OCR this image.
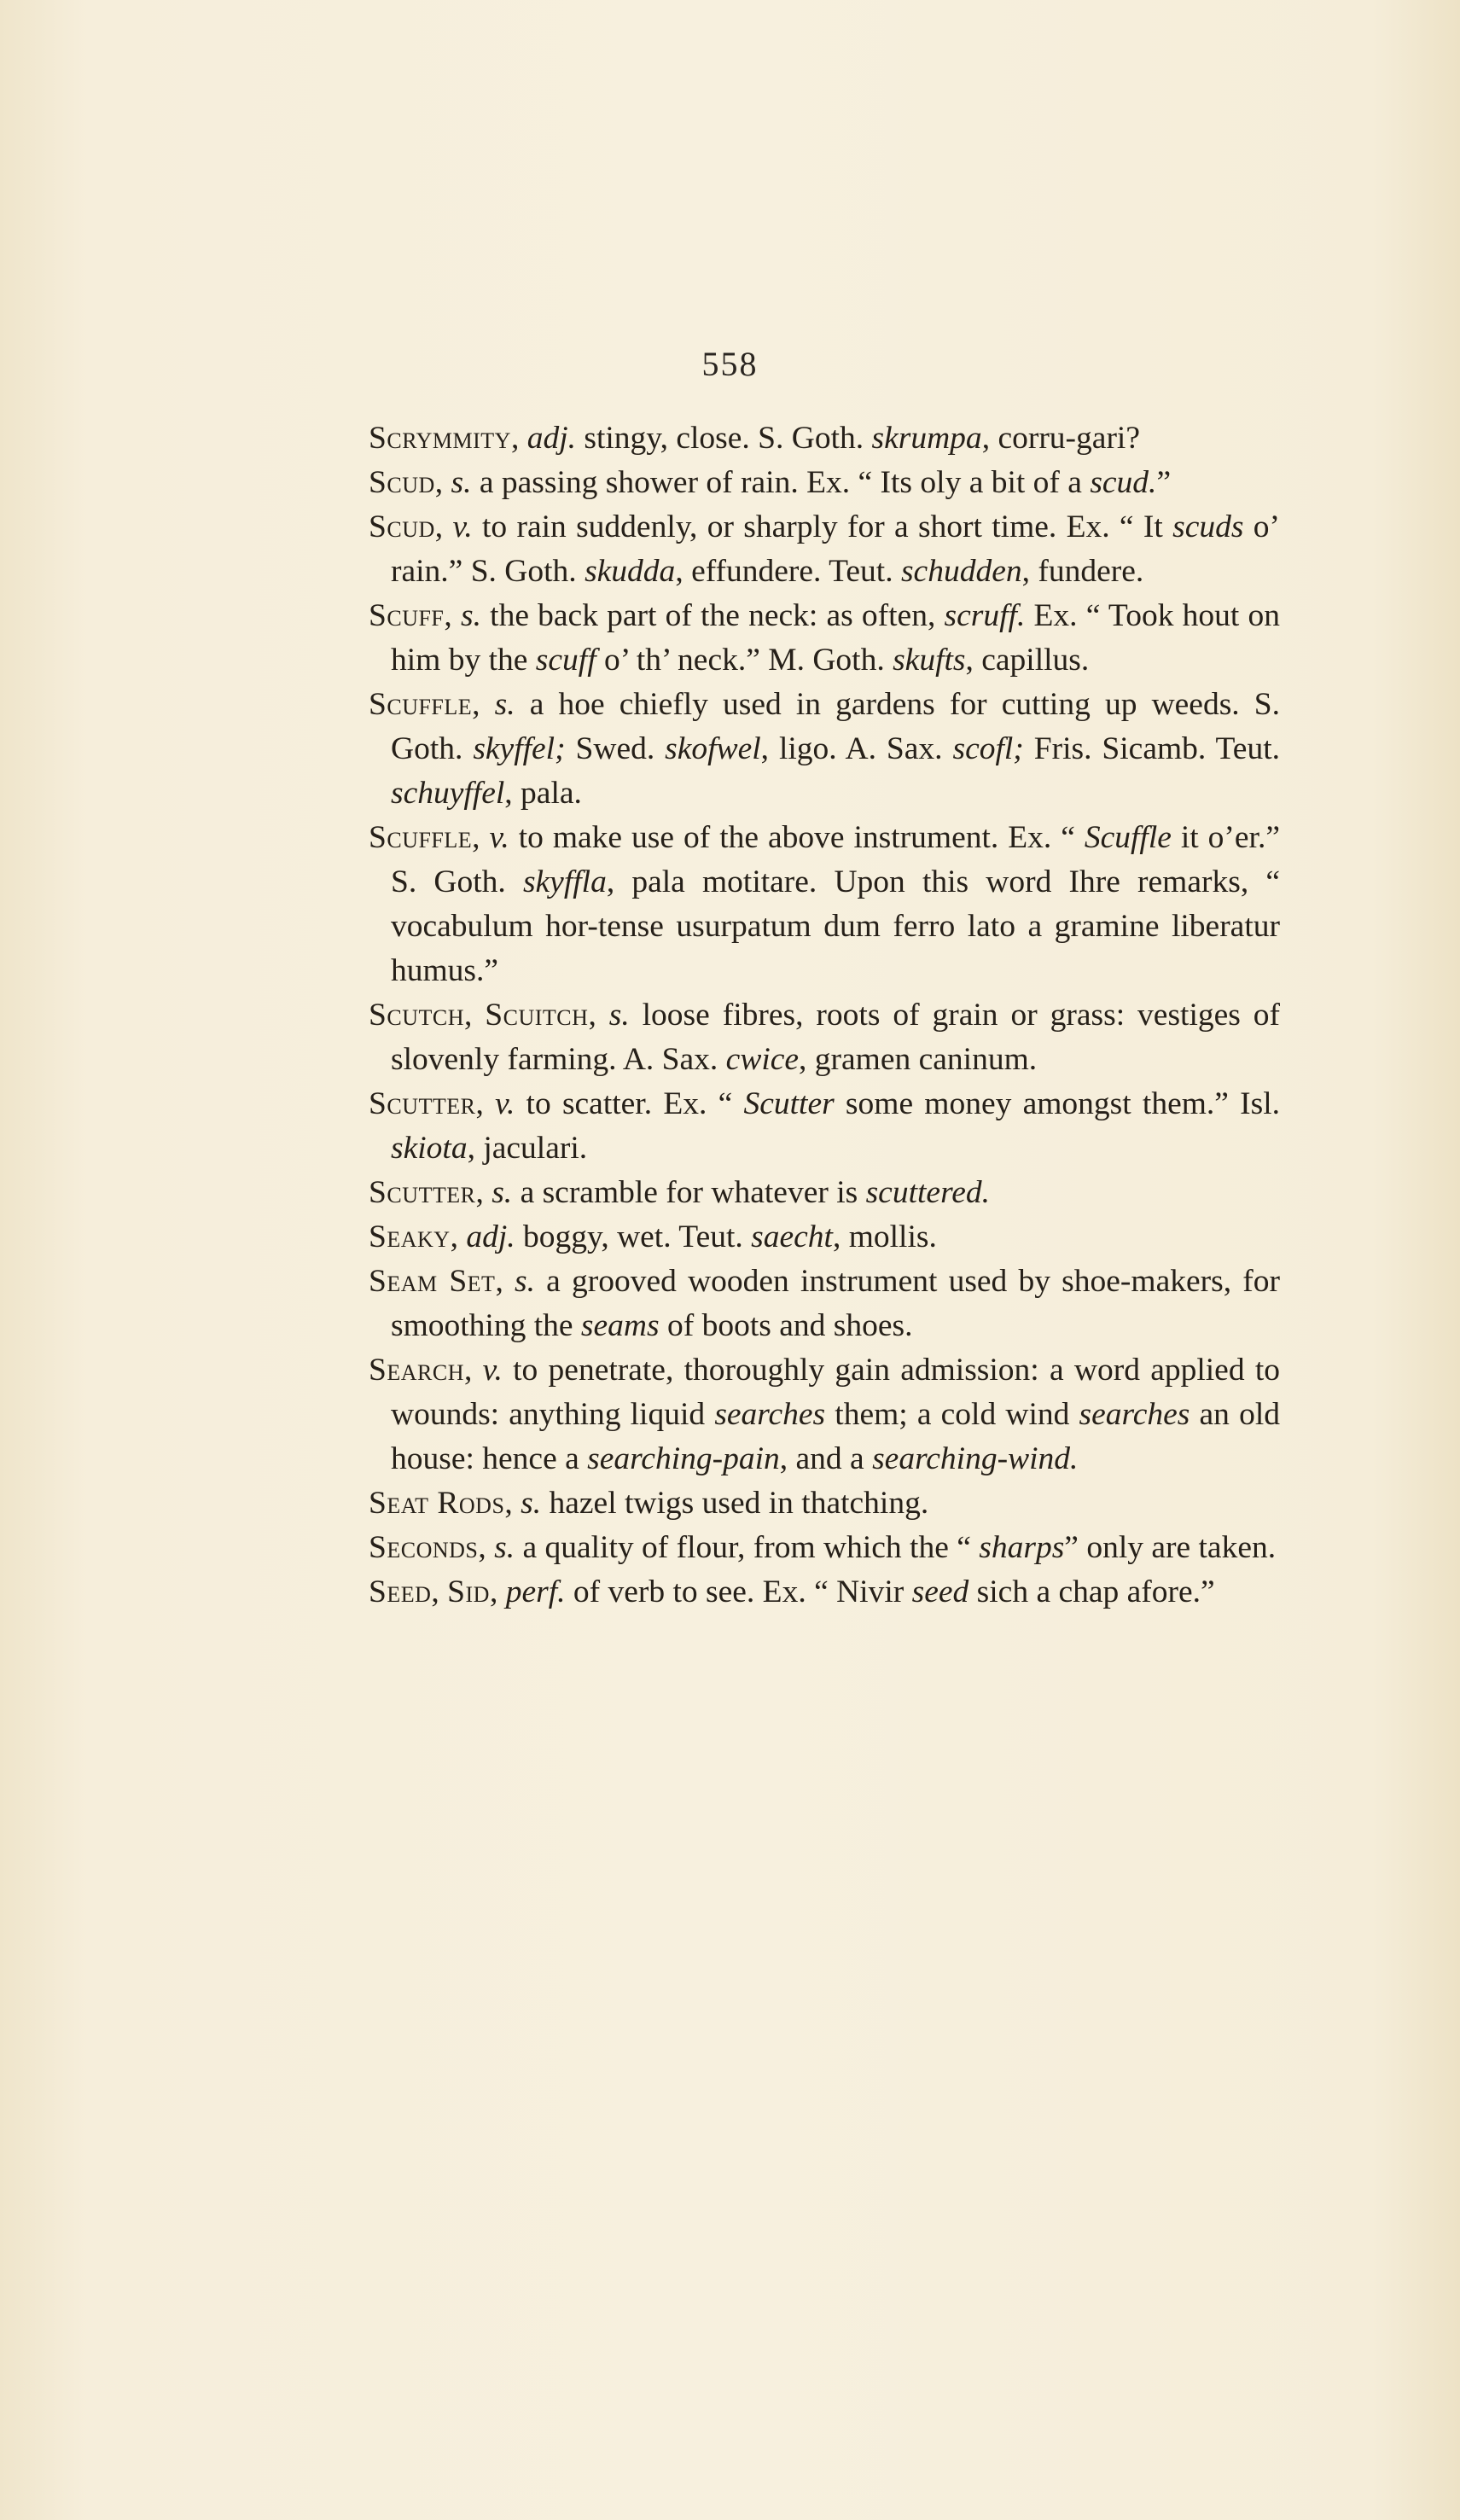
558

Scrymmity, adj. stingy, close. S. Goth. skrumpa, corru-gari?

Scud, s. a passing shower of rain. Ex. “ Its oly a bit of a scud.”

Scud, v. to rain suddenly, or sharply for a short time. Ex. “ It scuds o’ rain.” S. Goth. skudda, effundere. Teut. schudden, fundere.

Scuff, s. the back part of the neck: as often, scruff. Ex. “ Took hout on him by the scuff o’ th’ neck.” M. Goth. skufts, capillus.

Scuffle, s. a hoe chiefly used in gardens for cutting up weeds. S. Goth. skyffel; Swed. skofwel, ligo. A. Sax. scofl; Fris. Sicamb. Teut. schuyffel, pala.

Scuffle, v. to make use of the above instrument. Ex. “ Scuffle it o’er.” S. Goth. skyffla, pala motitare. Upon this word Ihre remarks, “ vocabulum hor-tense usurpatum dum ferro lato a gramine liberatur humus.”

Scutch, Scuitch, s. loose fibres, roots of grain or grass: vestiges of slovenly farming. A. Sax. cwice, gramen caninum.

Scutter, v. to scatter. Ex. “ Scutter some money amongst them.” Isl. skiota, jaculari.

Scutter, s. a scramble for whatever is scuttered.

Seaky, adj. boggy, wet. Teut. saecht, mollis.

Seam Set, s. a grooved wooden instrument used by shoe-makers, for smoothing the seams of boots and shoes.

Search, v. to penetrate, thoroughly gain admission: a word applied to wounds: anything liquid searches them; a cold wind searches an old house: hence a searching-pain, and a searching-wind.

Seat Rods, s. hazel twigs used in thatching.

Seconds, s. a quality of flour, from which the “ sharps” only are taken.

Seed, Sid, perf. of verb to see. Ex. “ Nivir seed sich a chap afore.”
